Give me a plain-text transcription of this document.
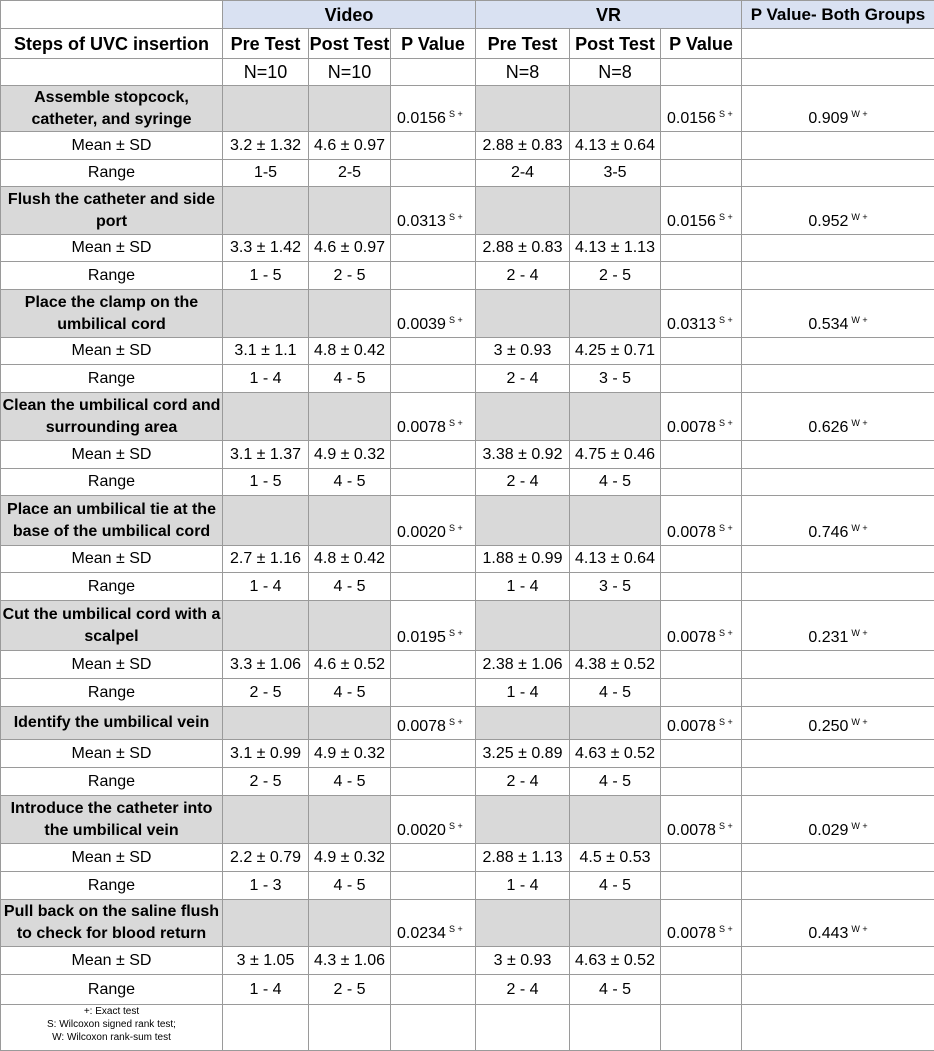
	Video			VR			P Value- Both Groups
Steps of UVC insertion	Pre Test	Post Test	P Value	Pre Test	Post Test	P Value	
	N=10	N=10		N=8	N=8		
Assemble stopcock, catheter, and syringe			0.0156 $^{S +}$			0.0156 $^{S +}$	0.909 $^{W +}$
Mean ± SD	3.2 ± 1.32	4.6 ± 0.97		2.88 ± 0.83	4.13 ± 0.64		
Range	1-5	2-5		2-4	3-5		
Flush the catheter and side port			0.0313 $^{S +}$			0.0156 $^{S +}$	0.952 $^{W +}$
Mean ± SD	3.3 ± 1.42	4.6 ± 0.97		2.88 ± 0.83	4.13 ± 1.13		
Range	1 - 5	2 - 5		2 - 4	2 - 5		
Place the clamp on the umbilical cord			0.0039 $^{S +}$			0.0313 $^{S +}$	0.534 $^{W +}$
Mean ± SD	3.1 ± 1.1	4.8 ± 0.42		3 ± 0.93	4.25 ± 0.71		
Range	1 - 4	4 - 5		2 - 4	3 - 5		
Clean the umbilical cord and surrounding area			0.0078 $^{S +}$			0.0078 $^{S +}$	0.626 $^{W +}$
Mean ± SD	3.1 ± 1.37	4.9 ± 0.32		3.38 ± 0.92	4.75 ± 0.46		
Range	1 - 5	4 - 5		2 - 4	4 - 5		
Place an umbilical tie at the base of the umbilical cord			0.0020 $^{S +}$			0.0078 $^{S +}$	0.746 $^{W +}$
Mean ± SD	2.7 ± 1.16	4.8 ± 0.42		1.88 ± 0.99	4.13 ± 0.64		
Range	1 - 4	4 - 5		1 - 4	3 - 5		
Cut the umbilical cord with a scalpel			0.0195 $^{S +}$			0.0078 $^{S +}$	0.231 $^{W +}$
Mean ± SD	3.3 ± 1.06	4.6 ± 0.52		2.38 ± 1.06	4.38 ± 0.52		
Range	2 - 5	4 - 5		1 - 4	4 - 5		
Identify the umbilical vein			0.0078 $^{S +}$			0.0078 $^{S +}$	0.250 $^{W +}$
Mean ± SD	3.1 ± 0.99	4.9 ± 0.32		3.25 ± 0.89	4.63 ± 0.52		
Range	2 - 5	4 - 5		2 - 4	4 - 5		
Introduce the catheter into the umbilical vein			0.0020 $^{S +}$			0.0078 $^{S +}$	0.029 $^{W +}$
Mean ± SD	2.2 ± 0.79	4.9 ± 0.32		2.88 ± 1.13	4.5 ± 0.53		
Range	1 - 3	4 - 5		1 - 4	4 - 5		
Pull back on the saline flush to check for blood return			0.0234 $^{S +}$			0.0078 $^{S +}$	0.443 $^{W +}$
Mean ± SD	3 ± 1.05	4.3 ± 1.06		3 ± 0.93	4.63 ± 0.52		
Range	1 - 4	2 - 5		2 - 4	4 - 5		

+: Exact test
S: Wilcoxon signed rank test;
W: Wilcoxon rank-sum test							
